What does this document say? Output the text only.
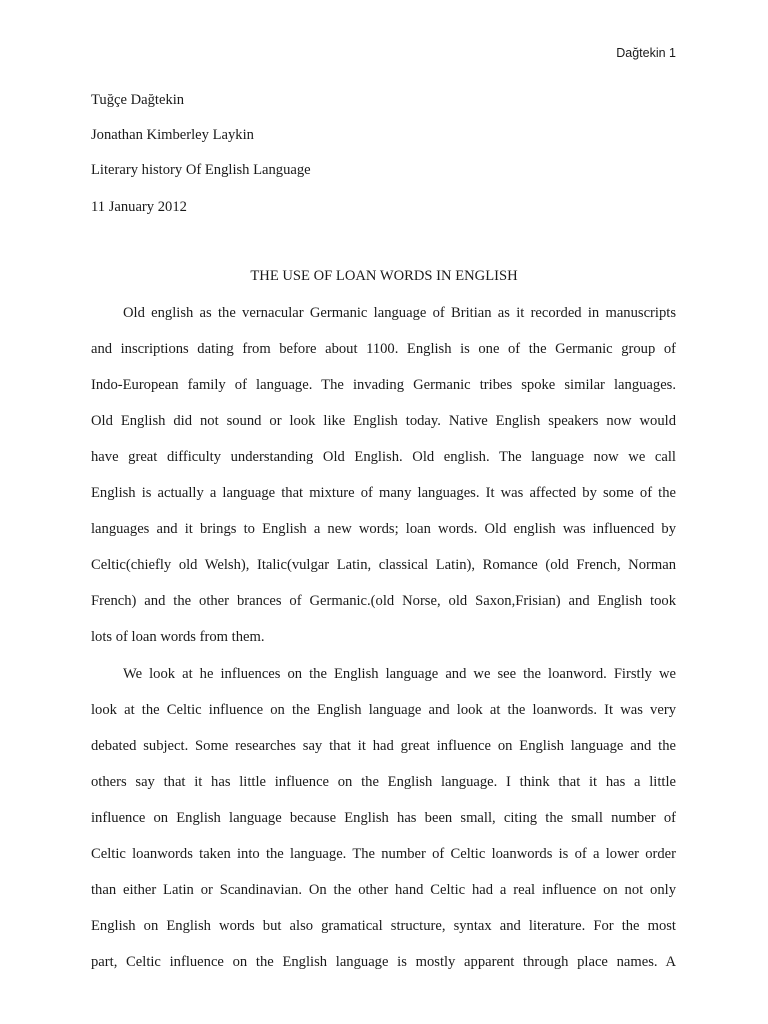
Dağtekin 1
Tuğçe Dağtekin
Jonathan Kimberley Laykin
Literary history Of English Language
11 January 2012
THE USE OF LOAN WORDS IN ENGLISH
Old english as the vernacular Germanic language of Britian as it recorded in manuscripts
and inscriptions dating from before about 1100. English is one of the Germanic group of
Indo-European family of language. The invading Germanic tribes spoke similar languages.
Old English did not sound or look like English today. Native English speakers now would
have great difficulty understanding Old English. Old english. The language now we call
English is actually a language that mixture of many languages. It was affected by some of the
languages and it brings to English a new words; loan words. Old english was influenced by
Celtic(chiefly old Welsh), Italic(vulgar Latin, classical Latin), Romance (old French, Norman
French) and the other brances of Germanic.(old Norse, old Saxon,Frisian) and English took
lots of loan words from them.
We look at he influences on the English language and we see the loanword. Firstly we
look at the Celtic influence on the English language and look at the loanwords. It was very
debated subject. Some researches say that it had great influence on English language and the
others say that it has little influence on the English language. I think that it has a little
influence on English language because English has been small, citing the small number of
Celtic loanwords taken into the language. The number of Celtic loanwords is of a lower order
than either Latin or Scandinavian. On the other hand Celtic had a real influence on not only
English on English words but also gramatical structure, syntax and literature. For the most
part, Celtic influence on the English language is mostly apparent through place names. A
